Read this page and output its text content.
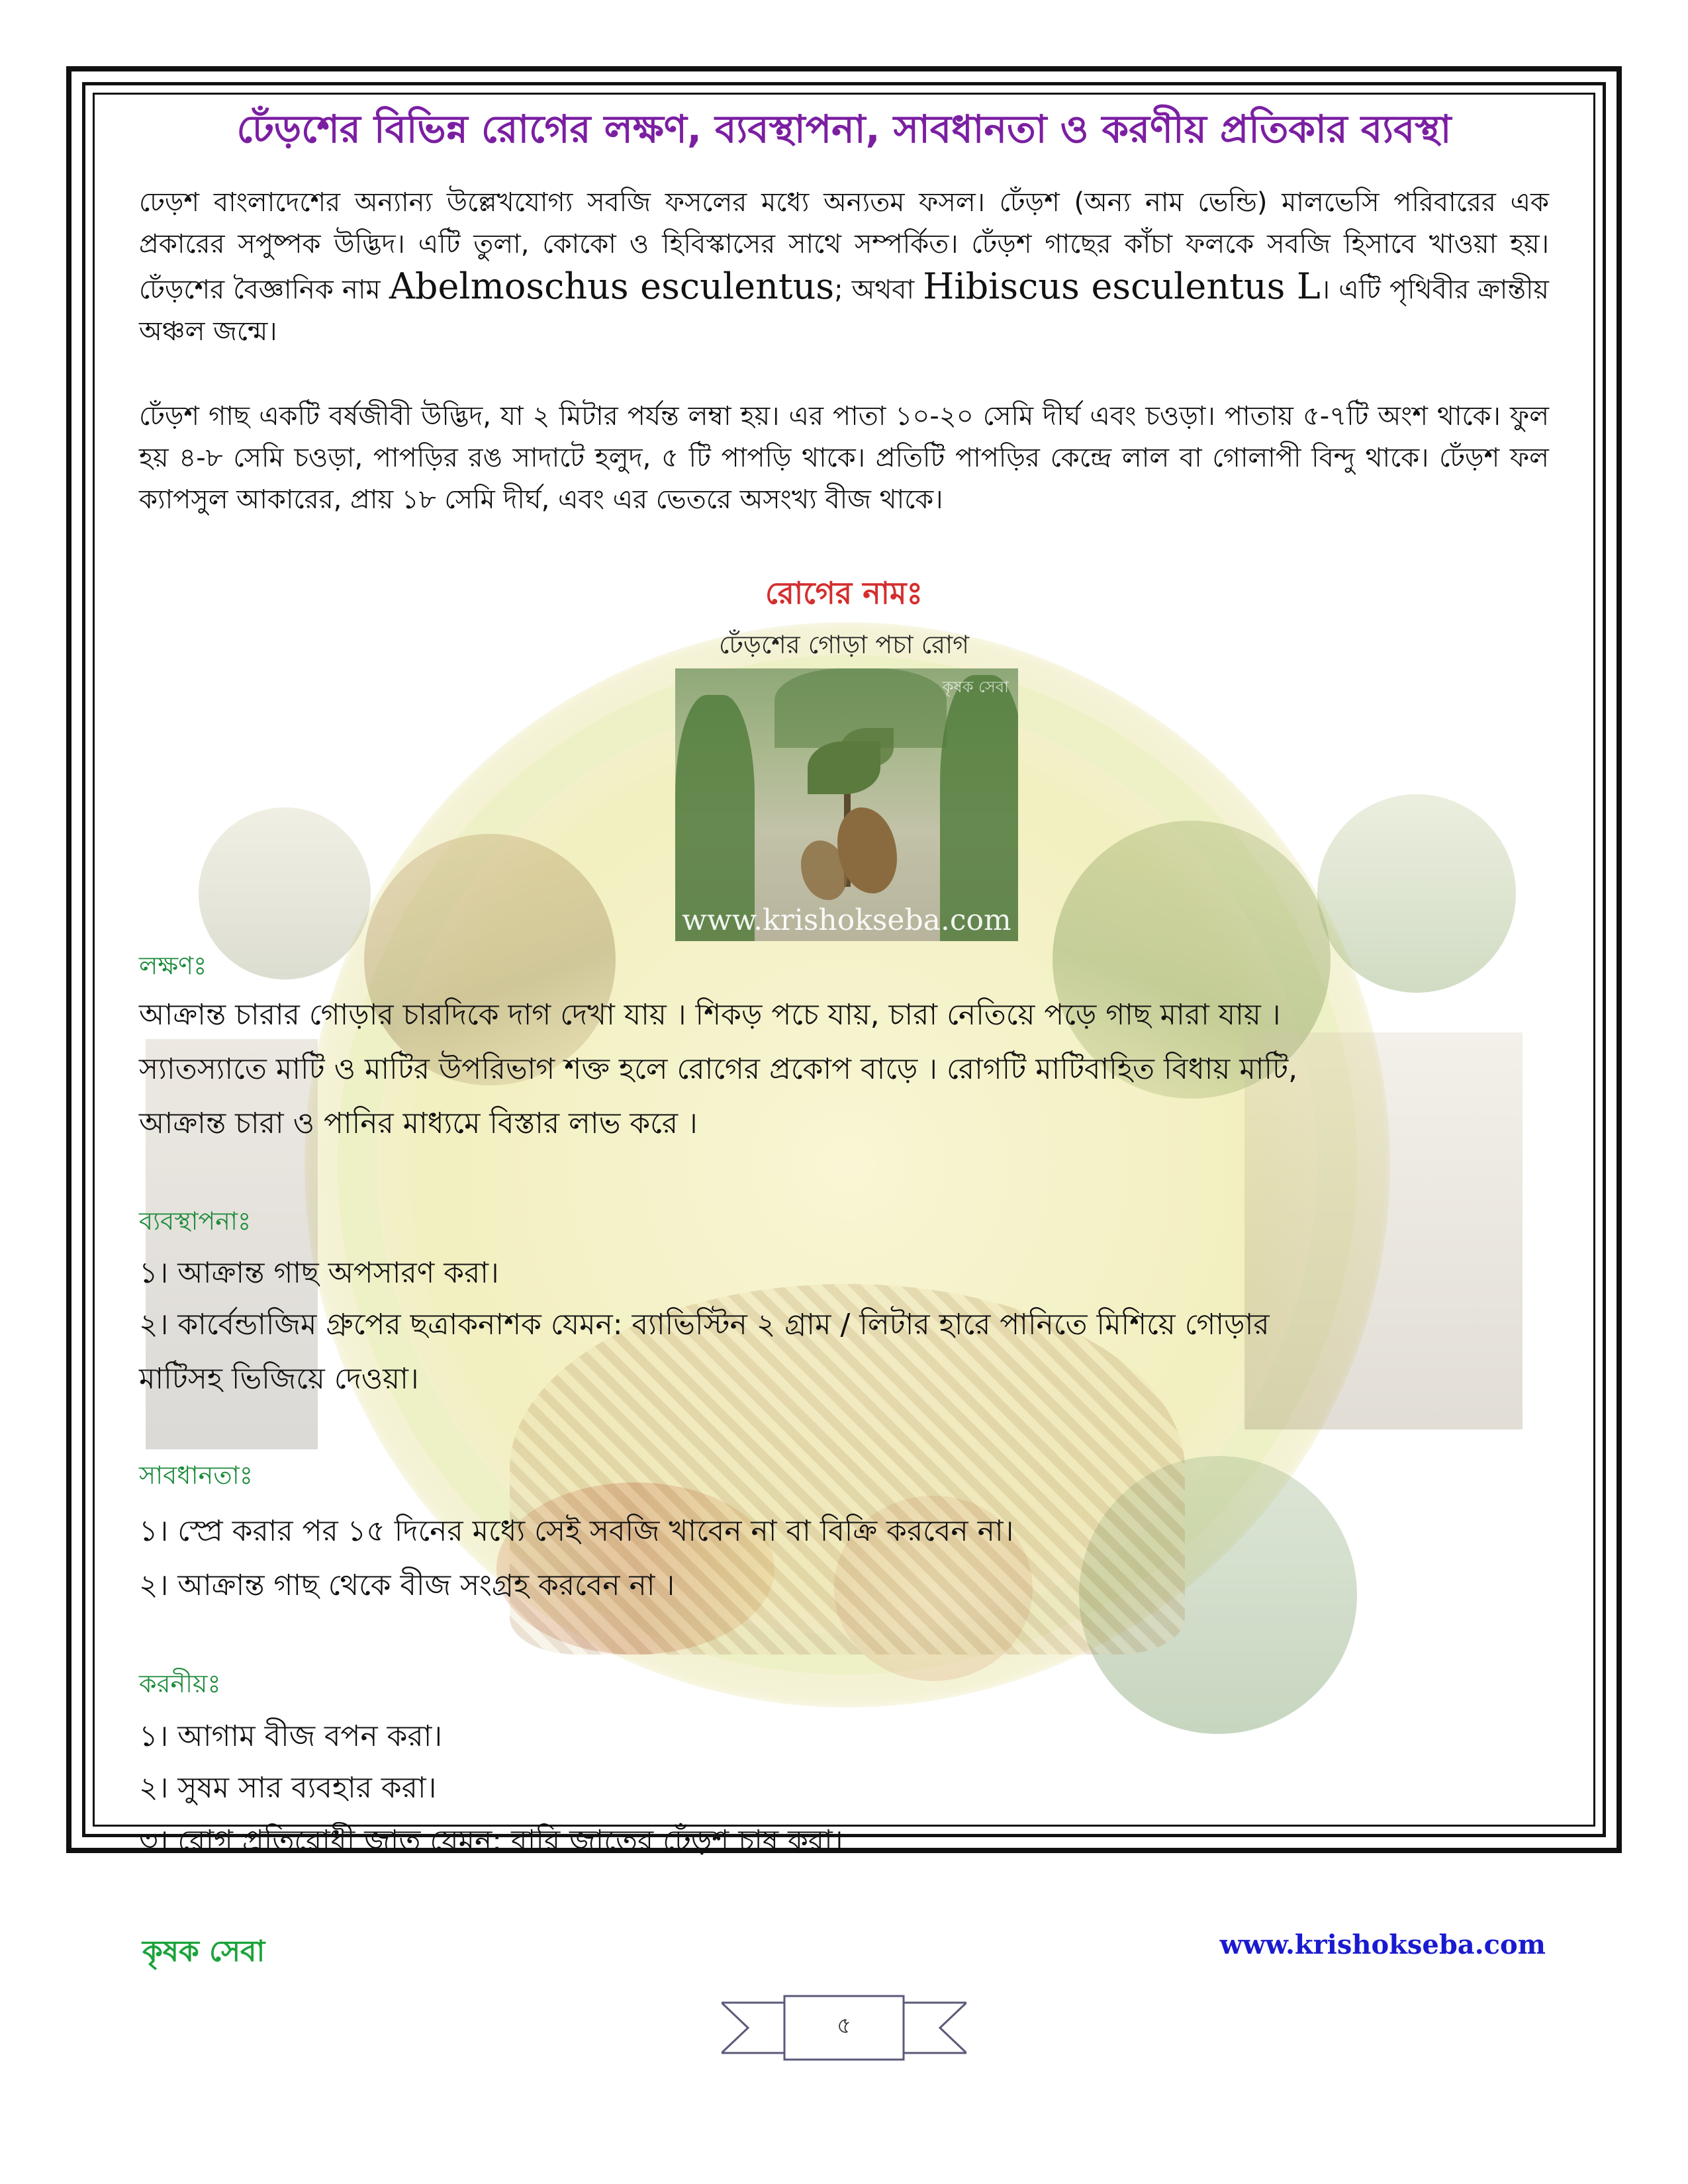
ঢেঁড়শের বিভিন্ন রোগের লক্ষণ, ব্যবস্থাপনা, সাবধানতা ও করণীয় প্রতিকার ব্যবস্থা
ঢেড়শ বাংলাদেশের অন্যান্য উল্লেখযোগ্য সবজি ফসলের মধ্যে অন্যতম ফসল। ঢেঁড়শ (অন্য নাম ভেন্ডি) মালভেসি পরিবারের এক প্রকারের সপুষ্পক উদ্ভিদ। এটি তুলা, কোকো ও হিবিস্কাসের সাথে সম্পর্কিত। ঢেঁড়শ গাছের কাঁচা ফলকে সবজি হিসাবে খাওয়া হয়। ঢেঁড়শের বৈজ্ঞানিক নাম Abelmoschus esculentus; অথবা Hibiscus esculentus L। এটি পৃথিবীর ক্রান্তীয় অঞ্চল জন্মে।
ঢেঁড়শ গাছ একটি বর্ষজীবী উদ্ভিদ, যা ২ মিটার পর্যন্ত লম্বা হয়। এর পাতা ১০-২০ সেমি দীর্ঘ এবং চওড়া। পাতায় ৫-৭টি অংশ থাকে। ফুল হয় ৪-৮ সেমি চওড়া, পাপড়ির রঙ সাদাটে হলুদ, ৫ টি পাপড়ি থাকে। প্রতিটি পাপড়ির কেন্দ্রে লাল বা গোলাপী বিন্দু থাকে। ঢেঁড়শ ফল ক্যাপসুল আকারের, প্রায় ১৮ সেমি দীর্ঘ, এবং এর ভেতরে অসংখ্য বীজ থাকে।
রোগের নামঃ
ঢেঁড়শের গোড়া পচা রোগ
কৃষক সেবা
www.krishokseba.com
লক্ষণঃ
আক্রান্ত চারার গোড়ার চারদিকে দাগ দেখা যায় । শিকড় পচে যায়, চারা নেতিয়ে পড়ে গাছ মারা যায় ।
স্যাতস্যাতে মাটি ও মাটির উপরিভাগ শক্ত হলে রোগের প্রকোপ বাড়ে । রোগটি মাটিবাহিত বিধায় মাটি,
আক্রান্ত চারা ও পানির মাধ্যমে বিস্তার লাভ করে ।
ব্যবস্থাপনাঃ
১। আক্রান্ত গাছ অপসারণ করা।
২। কার্বেন্ডাজিম গ্রুপের ছত্রাকনাশক যেমন: ব্যাভিস্টিন ২ গ্রাম / লিটার হারে পানিতে মিশিয়ে গোড়ার
মাটিসহ ভিজিয়ে দেওয়া।
সাবধানতাঃ
১। স্প্রে করার পর ১৫ দিনের মধ্যে সেই সবজি খাবেন না বা বিক্রি করবেন না।
২। আক্রান্ত গাছ থেকে বীজ সংগ্রহ করবেন না ।
করনীয়ঃ
১। আগাম বীজ বপন করা।
২। সুষম সার ব্যবহার করা।
৩। রোগ প্রতিরোধী জাত যেমন: বারি জাতের ঢেঁড়শ চাষ করা।
কৃষক সেবা	www.krishokseba.com
৫
